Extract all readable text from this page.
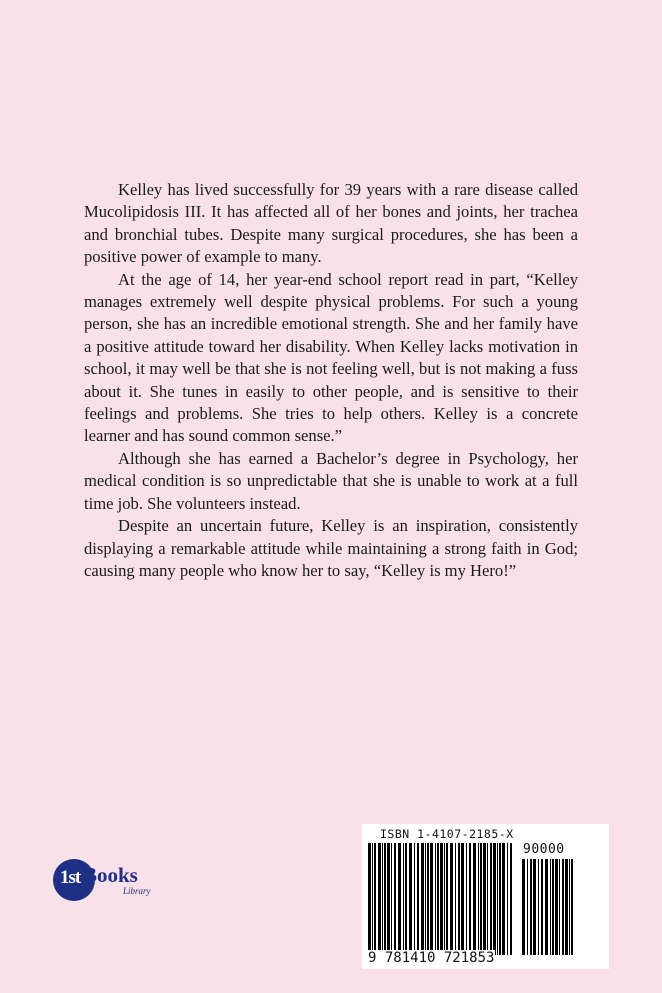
Kelley has lived successfully for 39 years with a rare disease called Mucolipidosis III. It has affected all of her bones and joints, her trachea and bronchial tubes. Despite many surgical procedures, she has been a positive power of example to many.

At the age of 14, her year-end school report read in part, “Kelley manages extremely well despite physical problems. For such a young person, she has an incredible emotional strength. She and her family have a positive attitude toward her disability. When Kelley lacks motivation in school, it may well be that she is not feeling well, but is not making a fuss about it. She tunes in easily to other people, and is sensitive to their feelings and problems. She tries to help others. Kelley is a concrete learner and has sound common sense.”

Although she has earned a Bachelor’s degree in Psychology, her medical condition is so unpredictable that she is unable to work at a full time job. She volunteers instead.

Despite an uncertain future, Kelley is an inspiration, consistently displaying a remarkable attitude while maintaining a strong faith in God; causing many people who know her to say, “Kelley is my Hero!”

1st Books
Library
ISBN 1-4107-2185-X
90000
9 781410 721853
